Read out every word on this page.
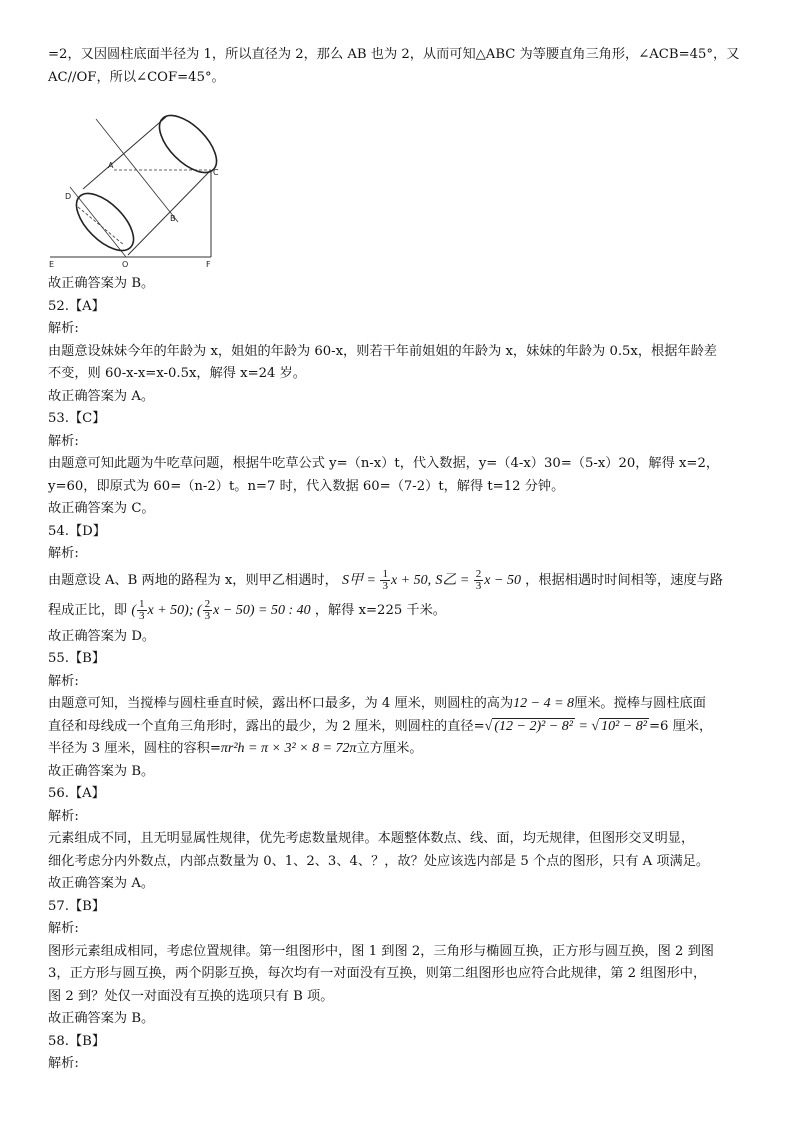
=2，又因圆柱底面半径为 1，所以直径为 2，那么 AB 也为 2，从而可知△ABC 为等腰直角三角形，∠ACB=45°，又
AC//OF，所以∠COF=45°。
A
C
D
B
E	O	F
故正确答案为 B。
52.【A】
解析:
由题意设妹妹今年的年龄为 x，姐姐的年龄为 60-x，则若干年前姐姐的年龄为 x，妹妹的年龄为 0.5x，根据年龄差
不变，则 60-x-x=x-0.5x，解得 x=24 岁。
故正确答案为 A。
53.【C】
解析:
由题意可知此题为牛吃草问题，根据牛吃草公式 y=（n-x）t，代入数据，y=（4-x）30=（5-x）20，解得 x=2，
y=60，即原式为 60=（n-2）t。n=7 时，代入数据 60=（7-2）t，解得 t=12 分钟。
故正确答案为 C。
54.【D】
解析:
由题意设 A、B 两地的路程为 x，则甲乙相遇时， S甲 = $\frac{1}{3}$ x + 50, S乙 = $\frac{2}{3}$ x − 50 ，根据相遇时时间相等，速度与路
程成正比，即 ( $\frac{1}{3}$ x + 50); ( $\frac{2}{3}$ x − 50) = 50 : 40 ，解得 x=225 千米。
故正确答案为 D。
55.【B】
解析:
由题意可知，当搅棒与圆柱垂直时候，露出杯口最多，为 4 厘米，则圆柱的高为12 − 4 = 8厘米。搅棒与圆柱底面
直径和母线成一个直角三角形时，露出的最少，为 2 厘米，则圆柱的直径=√ (12 − 2)² − 8² = √ 10² − 8² =6 厘米，
半径为 3 厘米，圆柱的容积=πr²h = π × 3² × 8 = 72π立方厘米。
故正确答案为 B。
56.【A】
解析:
元素组成不同，且无明显属性规律，优先考虑数量规律。本题整体数点、线、面，均无规律，但图形交叉明显，
细化考虑分内外数点，内部点数量为 0、1、2、3、4、？，故？处应该选内部是 5 个点的图形，只有 A 项满足。
故正确答案为 A。
57.【B】
解析:
图形元素组成相同，考虑位置规律。第一组图形中，图 1 到图 2，三角形与椭圆互换，正方形与圆互换，图 2 到图
3，正方形与圆互换，两个阴影互换，每次均有一对面没有互换，则第二组图形也应符合此规律，第 2 组图形中，
图 2 到？处仅一对面没有互换的选项只有 B 项。
故正确答案为 B。
58.【B】
解析:
